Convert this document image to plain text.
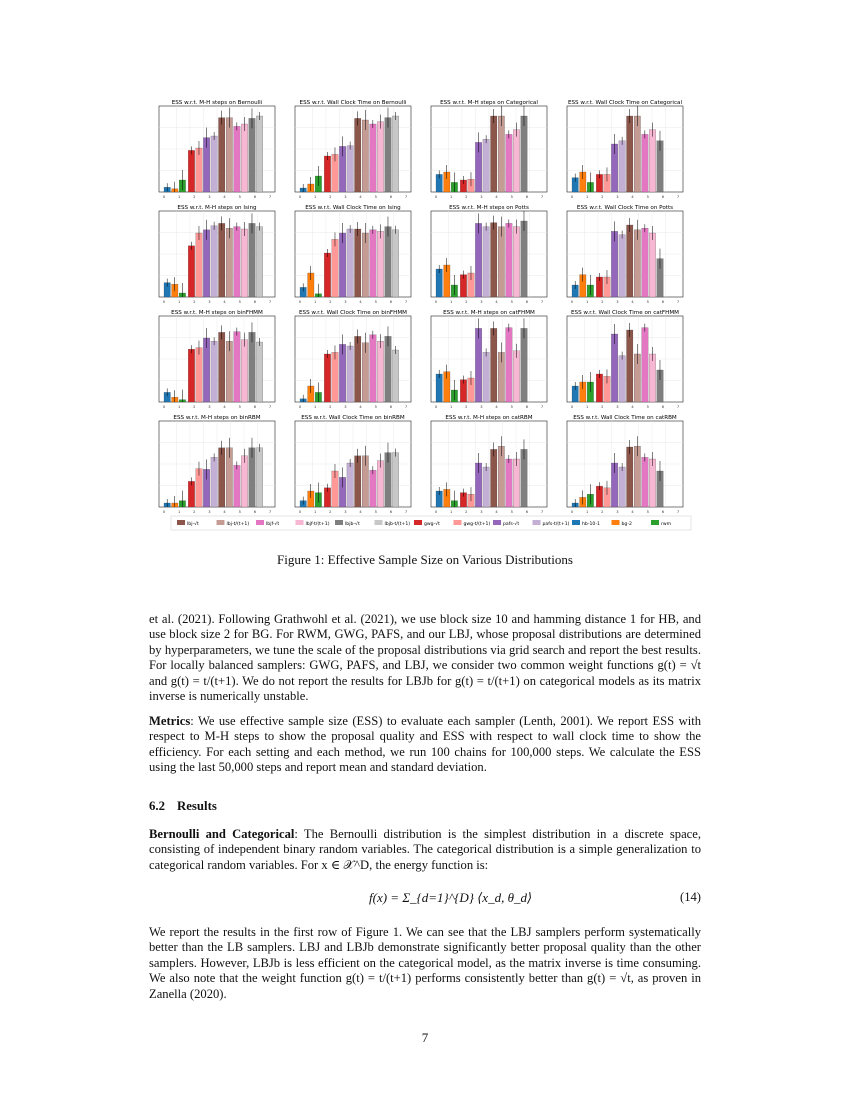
ESS w.r.t. M-H steps on Bernoulli
0	1	2	3	4	5	6	7
ESS w.r.t. Wall Clock Time on Bernoulli
0	1	2	3	4	5	6	7
ESS w.r.t. M-H steps on Categorical
0	1	2	3	4	5	6	7
ESS w.r.t. Wall Clock Time on Categorical
0	1	2	3	4	5	6	7
ESS w.r.t. M-H steps on Ising
0	1	2	3	4	5	6	7
ESS w.r.t. Wall Clock Time on Ising
0	1	2	3	4	5	6	7
ESS w.r.t. M-H steps on Potts
0	1	2	3	4	5	6	7
ESS w.r.t. Wall Clock Time on Potts
0	1	2	3	4	5	6	7
ESS w.r.t. M-H steps on binFHMM
0	1	2	3	4	5	6	7
ESS w.r.t. Wall Clock Time on binFHMM
0	1	2	3	4	5	6	7
ESS w.r.t. M-H steps on catFHMM
0	1	2	3	4	5	6	7
ESS w.r.t. Wall Clock Time on catFHMM
0	1	2	3	4	5	6	7
ESS w.r.t. M-H steps on binRBM
0	1	2	3	4	5	6	7
ESS w.r.t. Wall Clock Time on binRBM
0	1	2	3	4	5	6	7
ESS w.r.t. M-H steps on catRBM
0	1	2	3	4	5	6	7
ESS w.r.t. Wall Clock Time on catRBM
0	1	2	3	4	5	6	7
lbj-√t	lbj-t/(t+1)	lbjf-√t	lbjf-t/(t+1)	lbjb-√t	lbjb-t/(t+1)	gwg-√t	gwg-t/(t+1)	pafs-√t	pafs-t/(t+1)	hb-10-1	bg-2	rwm
Figure 1: Effective Sample Size on Various Distributions
et al. (2021). Following Grathwohl et al. (2021), we use block size 10 and hamming distance 1 for HB, and use block size 2 for BG. For RWM, GWG, PAFS, and our LBJ, whose proposal distributions are determined by hyperparameters, we tune the scale of the proposal distributions via grid search and report the best results. For locally balanced samplers: GWG, PAFS, and LBJ, we consider two common weight functions g(t) = √t and g(t) = t/(t+1). We do not report the results for LBJb for g(t) = t/(t+1) on categorical models as its matrix inverse is numerically unstable.
Metrics: We use effective sample size (ESS) to evaluate each sampler (Lenth, 2001). We report ESS with respect to M-H steps to show the proposal quality and ESS with respect to wall clock time to show the efficiency. For each setting and each method, we run 100 chains for 100,000 steps. We calculate the ESS using the last 50,000 steps and report mean and standard deviation.
6.2 Results
Bernoulli and Categorical: The Bernoulli distribution is the simplest distribution in a discrete space, consisting of independent binary random variables. The categorical distribution is a simple generalization to categorical random variables. For x ∈ 𝒳^D, the energy function is:
f(x) = Σ_{d=1}^{D} ⟨x_d, θ_d⟩	(14)
We report the results in the first row of Figure 1. We can see that the LBJ samplers perform systematically better than the LB samplers. LBJ and LBJb demonstrate significantly better proposal quality than the other samplers. However, LBJb is less efficient on the categorical model, as the matrix inverse is time consuming. We also note that the weight function g(t) = t/(t+1) performs consistently better than g(t) = √t, as proven in Zanella (2020).
7
